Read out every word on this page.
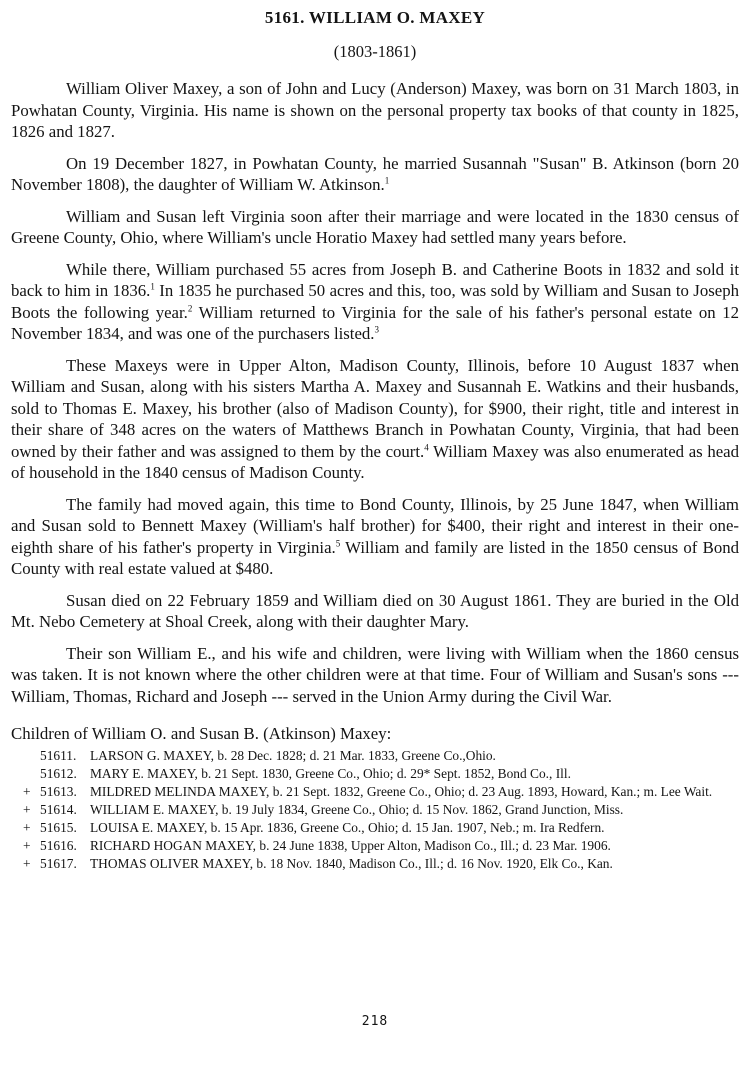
5161. WILLIAM O. MAXEY
(1803-1861)

William Oliver Maxey, a son of John and Lucy (Anderson) Maxey, was born on 31 March 1803, in Powhatan County, Virginia. His name is shown on the personal property tax books of that county in 1825, 1826 and 1827.

On 19 December 1827, in Powhatan County, he married Susannah "Susan" B. Atkinson (born 20 November 1808), the daughter of William W. Atkinson.$^1$

William and Susan left Virginia soon after their marriage and were located in the 1830 census of Greene County, Ohio, where William's uncle Horatio Maxey had settled many years before.

While there, William purchased 55 acres from Joseph B. and Catherine Boots in 1832 and sold it back to him in 1836.$^1$ In 1835 he purchased 50 acres and this, too, was sold by William and Susan to Joseph Boots the following year.$^2$ William returned to Virginia for the sale of his father's personal estate on 12 November 1834, and was one of the purchasers listed.$^3$

These Maxeys were in Upper Alton, Madison County, Illinois, before 10 August 1837 when William and Susan, along with his sisters Martha A. Maxey and Susannah E. Watkins and their husbands, sold to Thomas E. Maxey, his brother (also of Madison County), for $900, their right, title and interest in their share of 348 acres on the waters of Matthews Branch in Powhatan County, Virginia, that had been owned by their father and was assigned to them by the court.$^4$ William Maxey was also enumerated as head of household in the 1840 census of Madison County.

The family had moved again, this time to Bond County, Illinois, by 25 June 1847, when William and Susan sold to Bennett Maxey (William's half brother) for $400, their right and interest in their one-eighth share of his father's property in Virginia.$^5$ William and family are listed in the 1850 census of Bond County with real estate valued at $480.

Susan died on 22 February 1859 and William died on 30 August 1861. They are buried in the Old Mt. Nebo Cemetery at Shoal Creek, along with their daughter Mary.

Their son William E., and his wife and children, were living with William when the 1860 census was taken. It is not known where the other children were at that time. Four of William and Susan's sons --- William, Thomas, Richard and Joseph --- served in the Union Army during the Civil War.

Children of William O. and Susan B. (Atkinson) Maxey:
51611. LARSON G. MAXEY, b. 28 Dec. 1828; d. 21 Mar. 1833, Greene Co.,Ohio.
51612. MARY E. MAXEY, b. 21 Sept. 1830, Greene Co., Ohio; d. 29* Sept. 1852, Bond Co., Ill.
+ 51613. MILDRED MELINDA MAXEY, b. 21 Sept. 1832, Greene Co., Ohio; d. 23 Aug. 1893, Howard, Kan.; m. Lee Wait.
+ 51614. WILLIAM E. MAXEY, b. 19 July 1834, Greene Co., Ohio; d. 15 Nov. 1862, Grand Junction, Miss.
+ 51615. LOUISA E. MAXEY, b. 15 Apr. 1836, Greene Co., Ohio; d. 15 Jan. 1907, Neb.; m. Ira Redfern.
+ 51616. RICHARD HOGAN MAXEY, b. 24 June 1838, Upper Alton, Madison Co., Ill.; d. 23 Mar. 1906.
+ 51617. THOMAS OLIVER MAXEY, b. 18 Nov. 1840, Madison Co., Ill.; d. 16 Nov. 1920, Elk Co., Kan.
218
